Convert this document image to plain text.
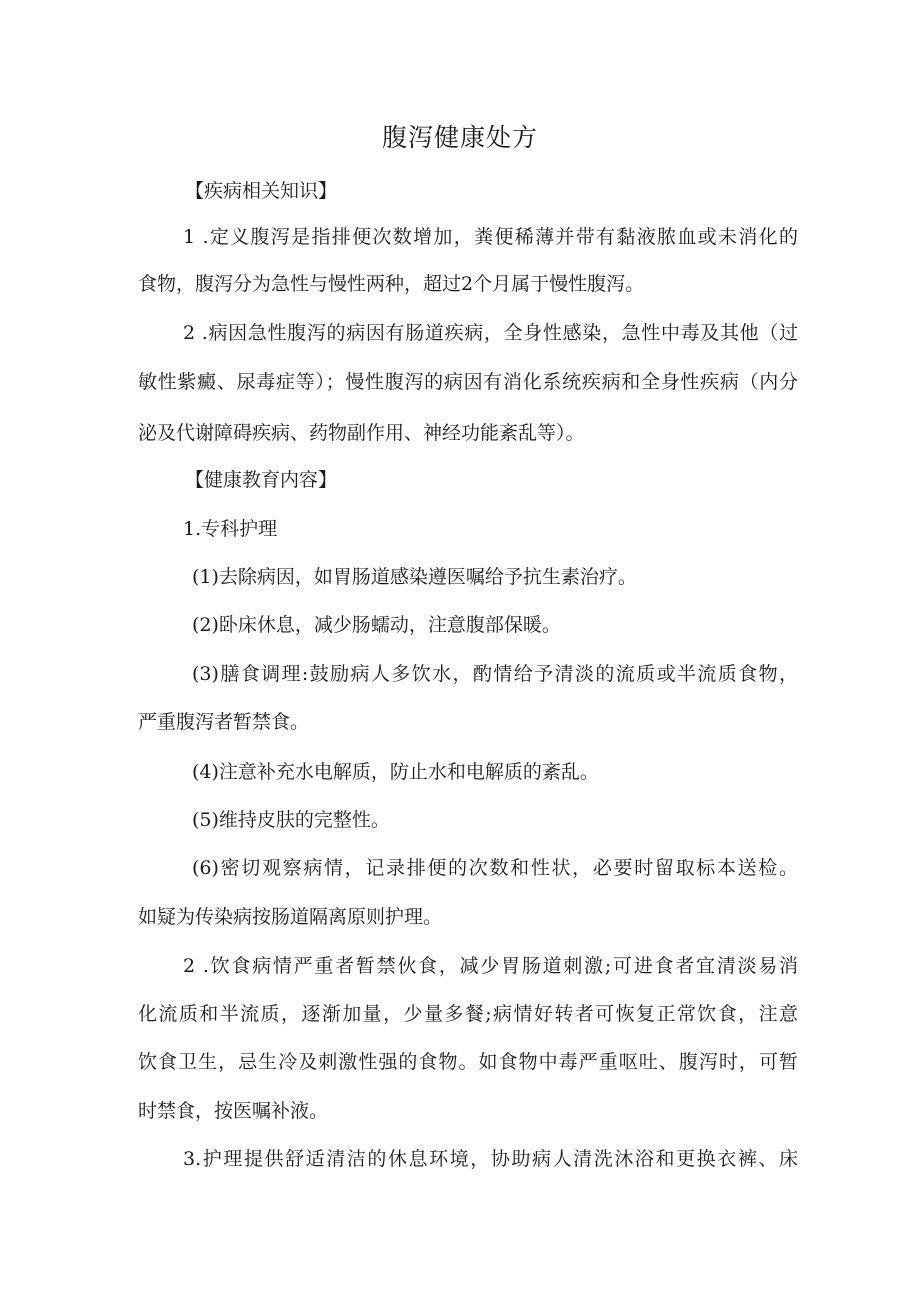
腹泻健康处方
【疾病相关知识】
1 .定义腹泻是指排便次数增加，粪便稀薄并带有黏液脓血或未消化的
食物，腹泻分为急性与慢性两种，超过2个月属于慢性腹泻。
2 .病因急性腹泻的病因有肠道疾病，全身性感染，急性中毒及其他（过
敏性紫癜、尿毒症等）；慢性腹泻的病因有消化系统疾病和全身性疾病（内分
泌及代谢障碍疾病、药物副作用、神经功能紊乱等）。
【健康教育内容】
1.专科护理
(1)去除病因，如胃肠道感染遵医嘱给予抗生素治疗。
(2)卧床休息，减少肠蠕动，注意腹部保暖。
(3)膳食调理:鼓励病人多饮水，酌情给予清淡的流质或半流质食物，
严重腹泻者暂禁食。
(4)注意补充水电解质，防止水和电解质的紊乱。
(5)维持皮肤的完整性。
(6)密切观察病情，记录排便的次数和性状，必要时留取标本送检。
如疑为传染病按肠道隔离原则护理。
2 .饮食病情严重者暂禁伙食，减少胃肠道刺激;可进食者宜清淡易消
化流质和半流质，逐渐加量，少量多餐;病情好转者可恢复正常饮食，注意
饮食卫生，忌生冷及刺激性强的食物。如食物中毒严重呕吐、腹泻时，可暂
时禁食，按医嘱补液。
3.护理提供舒适清洁的休息环境，协助病人清洗沐浴和更换衣裤、床
